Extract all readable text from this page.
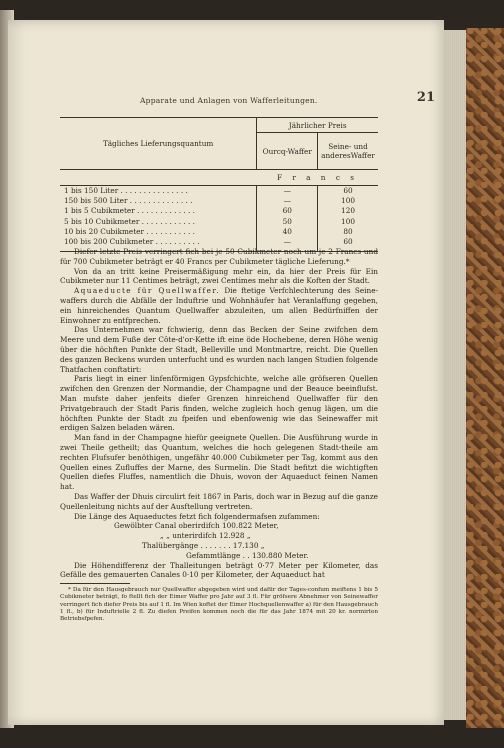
Apparate und Anlagen von Wafferleitungen.	21
Tägliches Lieferungsquantum	Jährlicher Preis	
	Ourcq-Waffer	Seine- und
anderesWaffer
	F r a n c s	
1 bis 150 Liter . . . . . . . . . . . . . . .	—	60
150 bis 500 Liter . . . . . . . . . . . . . .	—	100
1 bis 5 Cubikmeter . . . . . . . . . . . . .	60	120
5 bis 10 Cubikmeter . . . . . . . . . . . .	50	100
10 bis 20 Cubikmeter . . . . . . . . . . .	40	80
100 bis 200 Cubikmeter . . . . . . . . . .	—	60

Diefer letzte Preis verringert fich bei je 50 Cubikmeter noch um je 2 Francs und für 700 Cubikmeter beträgt er 40 Francs per Cubikmeter tägliche Lieferung.*

Von da an tritt keine Preisermäßigung mehr ein, da hier der Preis für Ein Cubikmeter nur 11 Centimes beträgt, zwei Centimes mehr als die Koften der Stadt.

Aquaeducte für Quellwaffer. Die ftetige Verfchlechterung des Seine-waffers durch die Abfälle der Induftrie und Wohnhäufer hat Veranlaffung gegeben, ein hinreichendes Quantum Quellwaffer abzuleiten, um allen Bedürfniffen der Einwohner zu entfprechen.

Das Unternehmen war fchwierig, denn das Becken der Seine zwifchen dem Meere und dem Fuße der Côte-d'or-Kette ift eine öde Hochebene, deren Höhe wenig über die höchften Punkte der Stadt, Belleville und Montmartre, reicht. Die Quellen des ganzen Beckens wurden unterfucht und es wurden nach langen Studien folgende Thatfachen conftatirt:

Paris liegt in einer linfenförmigen Gypsfchichte, welche alle gröfseren Quellen zwifchen den Grenzen der Normandie, der Champagne und der Beauce beeinflufst. Man mufste daher jenfeits diefer Grenzen hinreichend Quellwaffer für den Privatgebrauch der Stadt Paris finden, welche zugleich hoch genug lägen, um die höchften Punkte der Stadt zu fpeifen und ebenfowenig wie das Seinewaffer mit erdigen Salzen beladen wären.

Man fand in der Champagne hiefür geeignete Quellen. Die Ausführung wurde in zwei Theile getheilt; das Quantum, welches die hoch gelegenen Stadt-theile am rechten Flufsufer benöthigen, ungefähr 40.000 Cubikmeter per Tag, kommt aus den Quellen eines Zufluffes der Marne, des Surmelin. Die Stadt befitzt die wichtigften Quellen diefes Fluffes, namentlich die Dhuis, wovon der Aquaeduct feinen Namen hat.

Das Waffer der Dhuis circulirt feit 1867 in Paris, doch war in Bezug auf die ganze Quellenleitung nichts auf der Ausftellung vertreten.

Die Länge des Aquaeductes fetzt fich folgendermafsen zufammen:

Gewölbter Canal oberirdifch 100.822 Meter,

„ „ unterirdifch 12.928 „

Thalübergänge . . . . . . . 17.130 „

Gefammtlänge . . 130.880 Meter.

Die Höhendifferenz der Thalleitungen beträgt 0·77 Meter per Kilometer, das Gefälle des gemauerten Canales 0·10 per Kilometer, der Aquaeduct hat

* Da für den Hausgebrauch nur Quellwaffer abgegeben wird und dafür der Tages-confum meiftens 1 bis 5 Cubikmeter beträgt, fo ftellt fich der Eimer Waffer pro Jahr auf 3 fl. Für gröfsere Abnehmer von Seinewaffer verringert fich diefer Preis bis auf 1 fl. Im Wien koftet der Eimer Hochquellenwaffer a) für den Hausgebrauch 1 fl., b) für Induftrielle 2 fl. Zu diefen Preifen kommen noch die für das Jahr 1874 mit 20 kr. normirten Betriebsfpefen.
